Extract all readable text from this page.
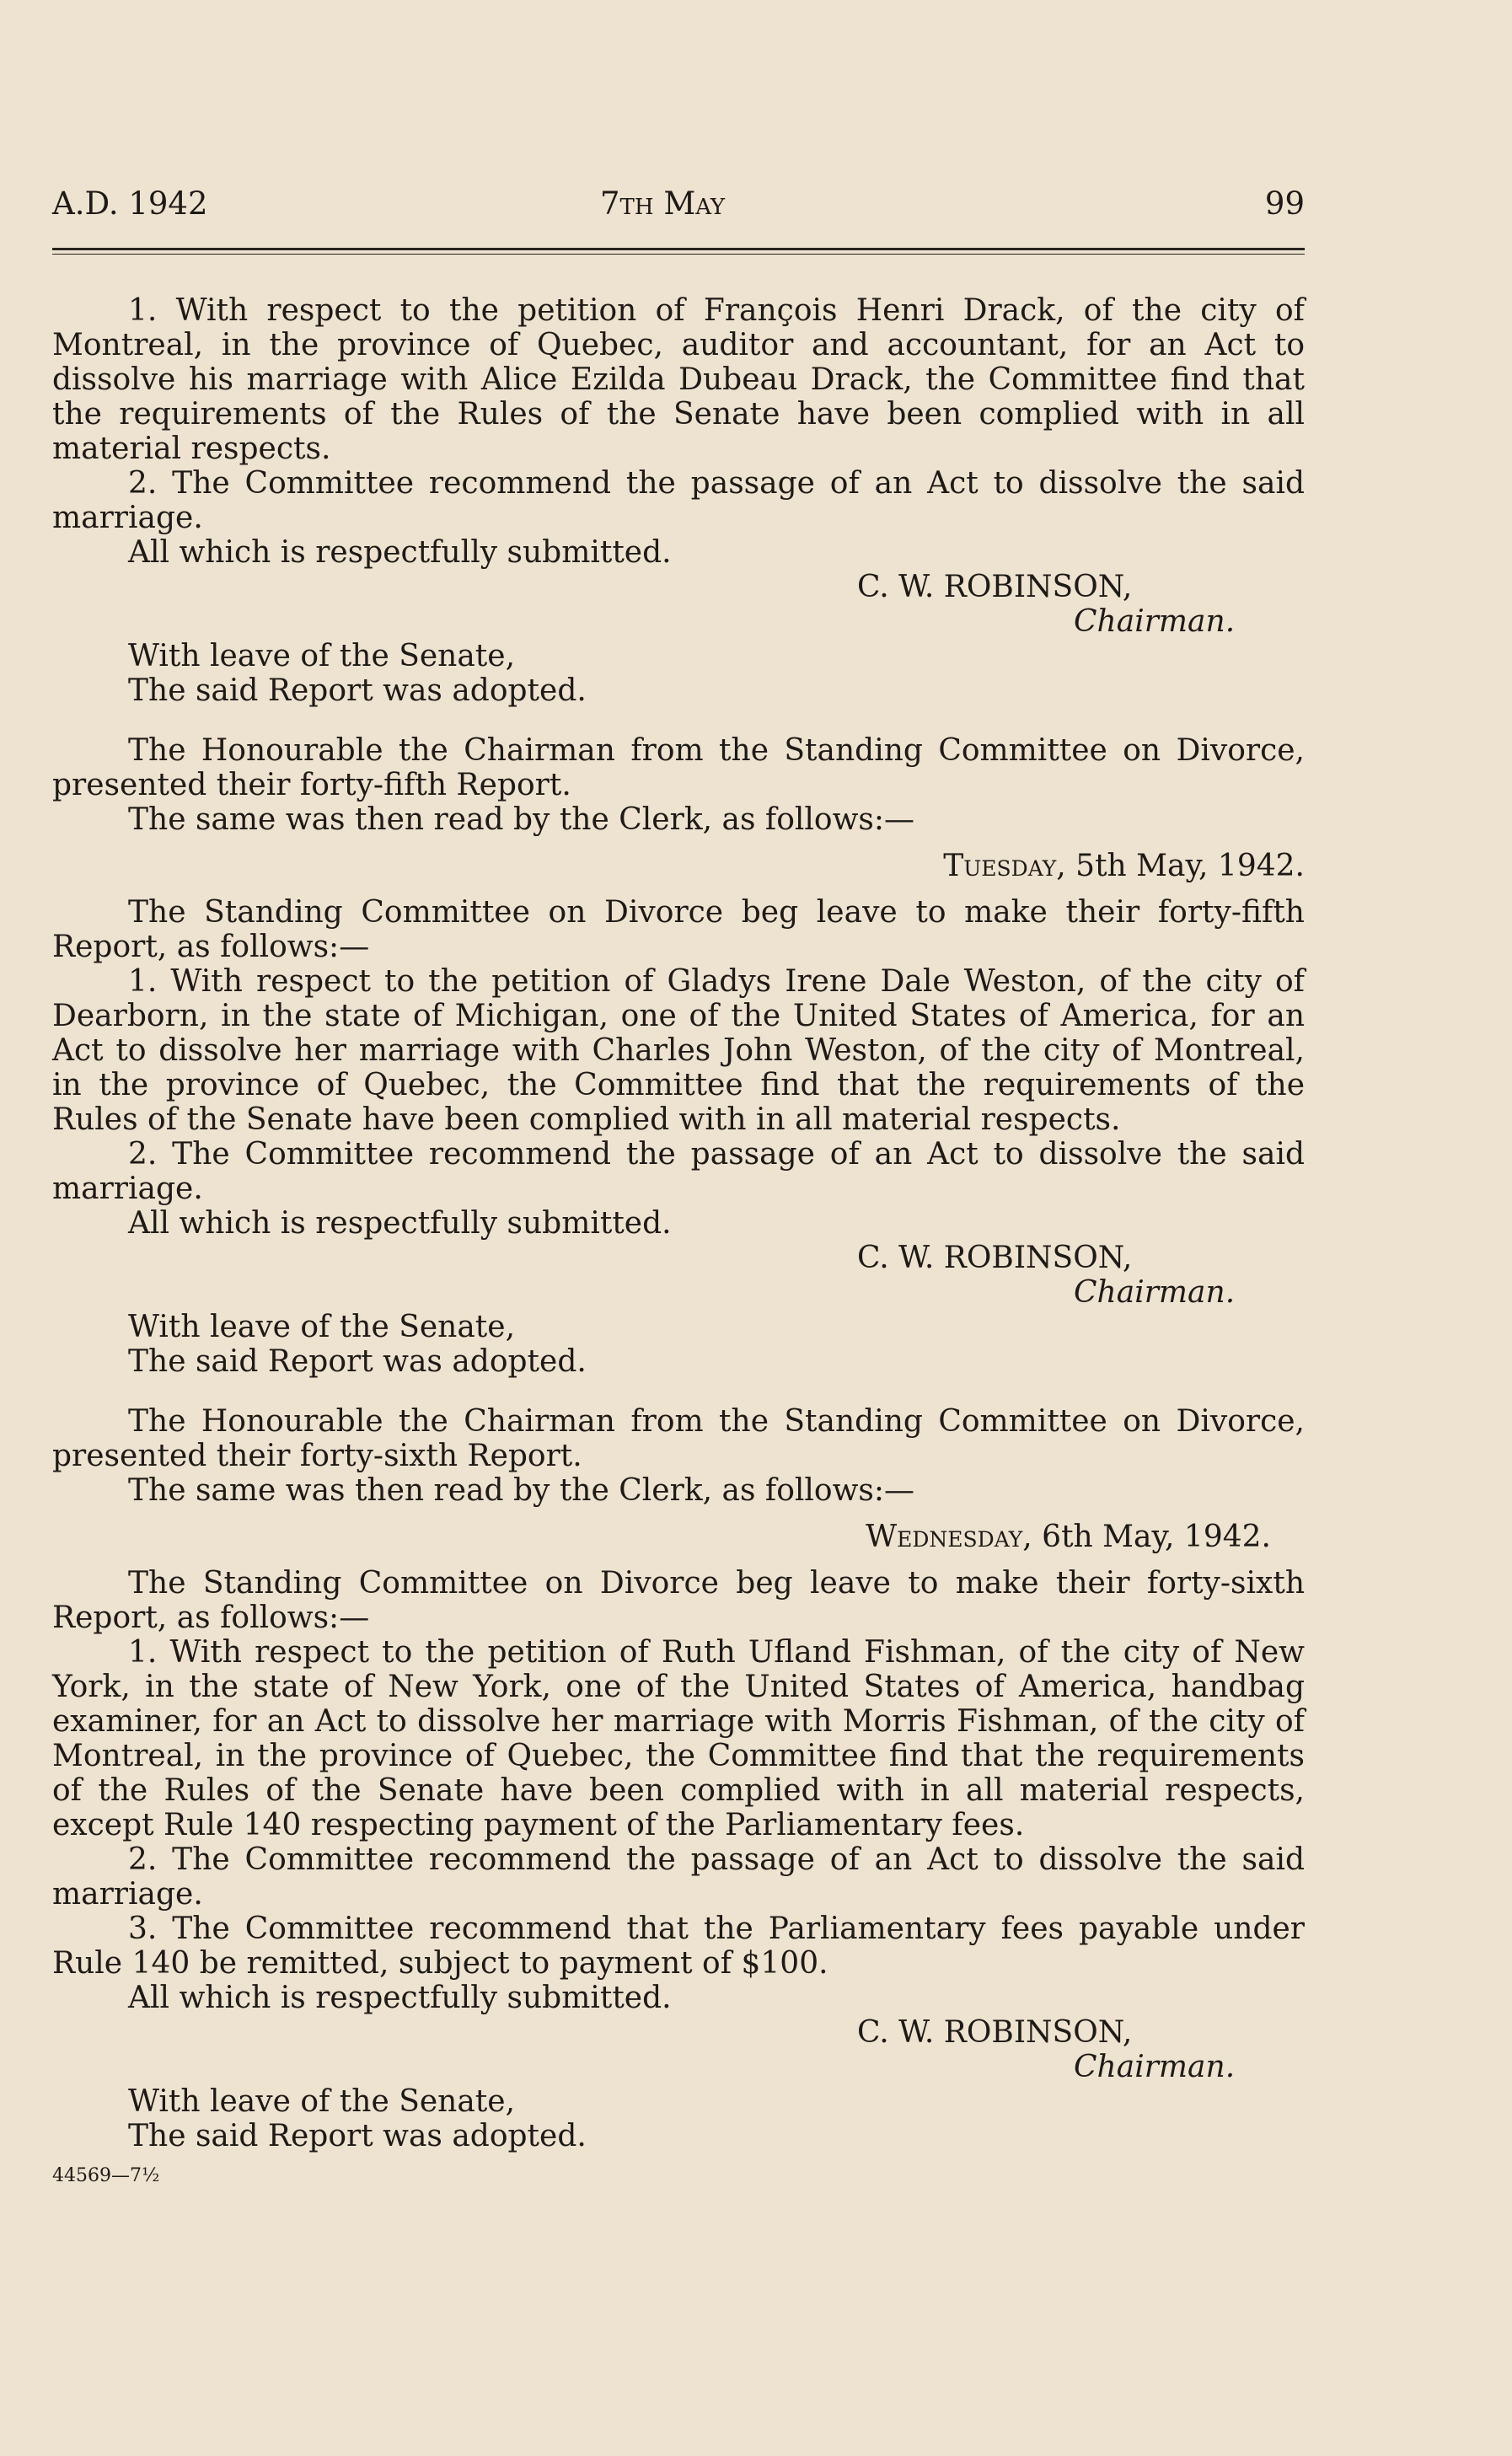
A.D. 1942	7th May	99

1. With respect to the petition of François Henri Drack, of the city of Montreal, in the province of Quebec, auditor and accountant, for an Act to dissolve his marriage with Alice Ezilda Dubeau Drack, the Committee find that the requirements of the Rules of the Senate have been complied with in all material respects.

2. The Committee recommend the passage of an Act to dissolve the said marriage.

All which is respectfully submitted.

C. W. ROBINSON,

Chairman.

With leave of the Senate,

The said Report was adopted.

The Honourable the Chairman from the Standing Committee on Divorce, presented their forty-fifth Report.

The same was then read by the Clerk, as follows:—

Tuesday, 5th May, 1942.

The Standing Committee on Divorce beg leave to make their forty-fifth Report, as follows:—

1. With respect to the petition of Gladys Irene Dale Weston, of the city of Dearborn, in the state of Michigan, one of the United States of America, for an Act to dissolve her marriage with Charles John Weston, of the city of Montreal, in the province of Quebec, the Committee find that the requirements of the Rules of the Senate have been complied with in all material respects.

2. The Committee recommend the passage of an Act to dissolve the said marriage.

All which is respectfully submitted.

C. W. ROBINSON,

Chairman.

With leave of the Senate,

The said Report was adopted.

The Honourable the Chairman from the Standing Committee on Divorce, presented their forty-sixth Report.

The same was then read by the Clerk, as follows:—

Wednesday, 6th May, 1942.

The Standing Committee on Divorce beg leave to make their forty-sixth Report, as follows:—

1. With respect to the petition of Ruth Ufland Fishman, of the city of New York, in the state of New York, one of the United States of America, handbag examiner, for an Act to dissolve her marriage with Morris Fishman, of the city of Montreal, in the province of Quebec, the Committee find that the requirements of the Rules of the Senate have been complied with in all material respects, except Rule 140 respecting payment of the Parliamentary fees.

2. The Committee recommend the passage of an Act to dissolve the said marriage.

3. The Committee recommend that the Parliamentary fees payable under Rule 140 be remitted, subject to payment of $100.

All which is respectfully submitted.

C. W. ROBINSON,

Chairman.

With leave of the Senate,

The said Report was adopted.

44569—7½
